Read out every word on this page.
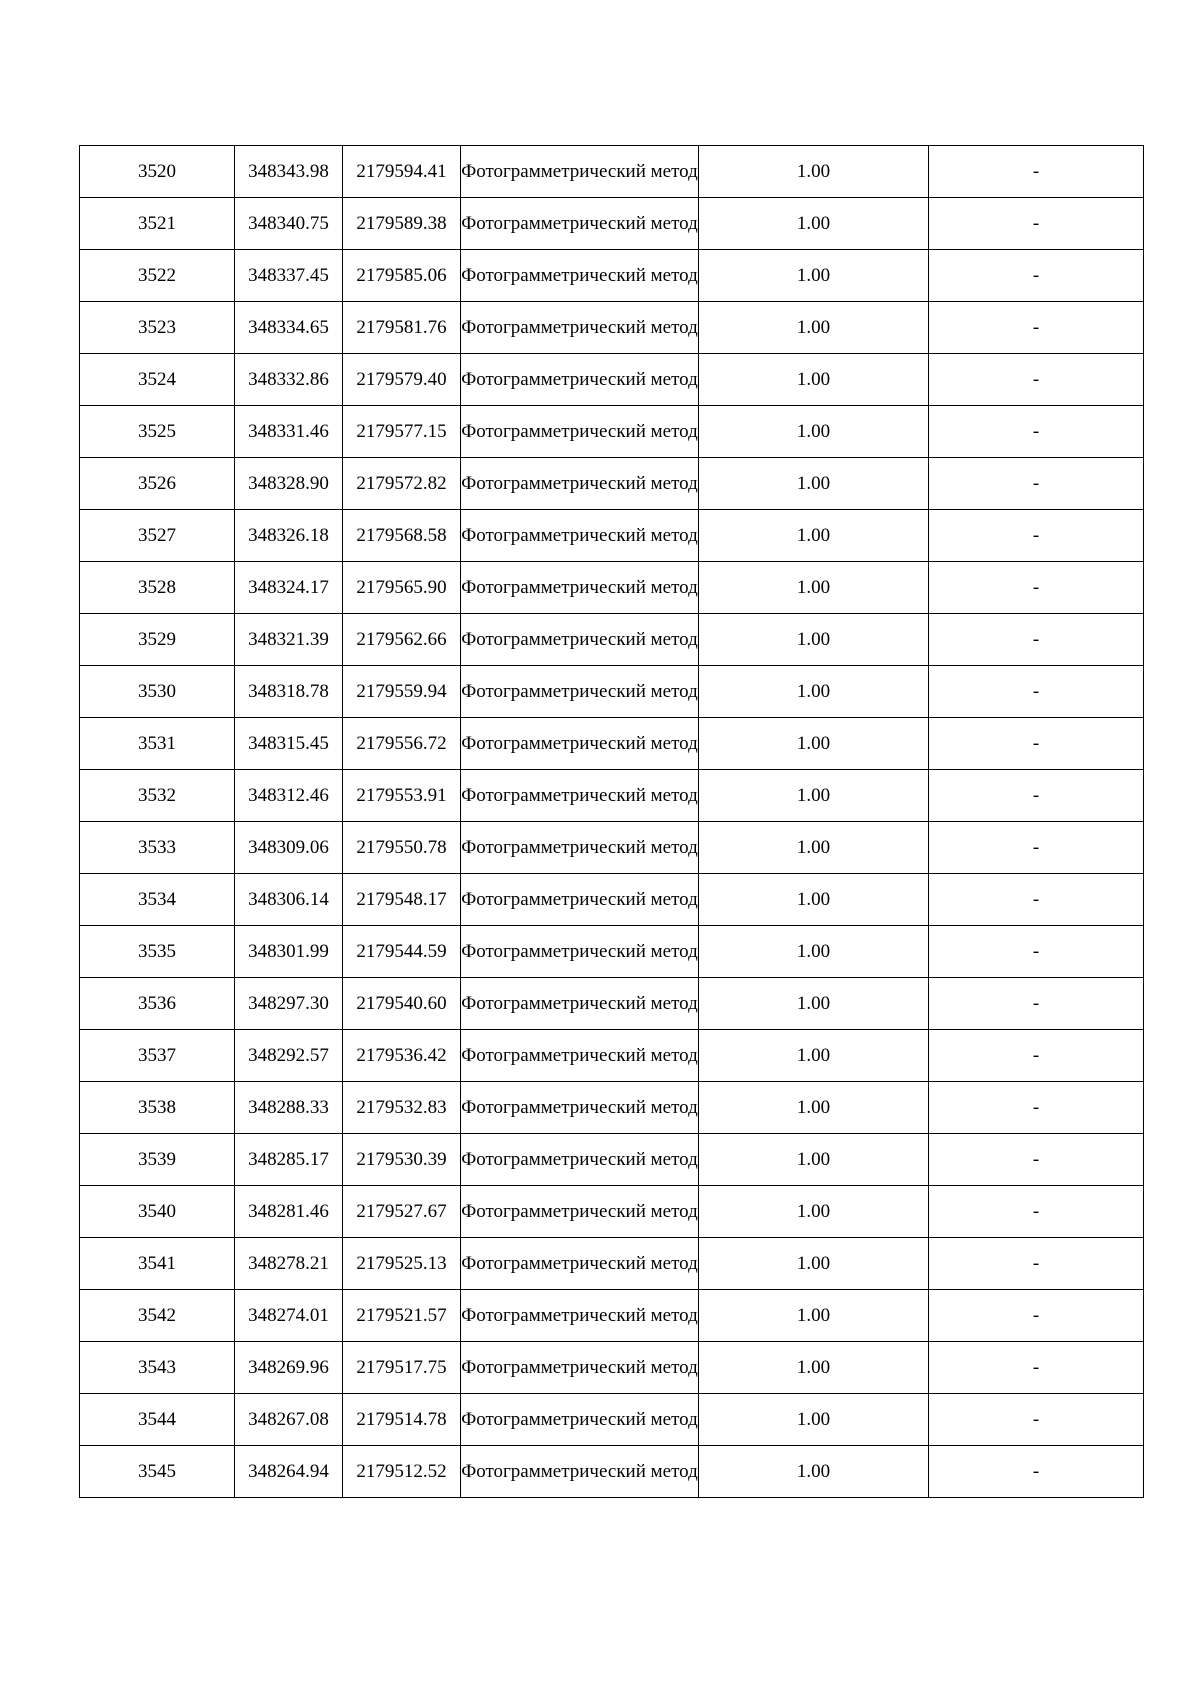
3520	348343.98	2179594.41	Фотограмметрический метод	1.00	-
3521	348340.75	2179589.38	Фотограмметрический метод	1.00	-
3522	348337.45	2179585.06	Фотограмметрический метод	1.00	-
3523	348334.65	2179581.76	Фотограмметрический метод	1.00	-
3524	348332.86	2179579.40	Фотограмметрический метод	1.00	-
3525	348331.46	2179577.15	Фотограмметрический метод	1.00	-
3526	348328.90	2179572.82	Фотограмметрический метод	1.00	-
3527	348326.18	2179568.58	Фотограмметрический метод	1.00	-
3528	348324.17	2179565.90	Фотограмметрический метод	1.00	-
3529	348321.39	2179562.66	Фотограмметрический метод	1.00	-
3530	348318.78	2179559.94	Фотограмметрический метод	1.00	-
3531	348315.45	2179556.72	Фотограмметрический метод	1.00	-
3532	348312.46	2179553.91	Фотограмметрический метод	1.00	-
3533	348309.06	2179550.78	Фотограмметрический метод	1.00	-
3534	348306.14	2179548.17	Фотограмметрический метод	1.00	-
3535	348301.99	2179544.59	Фотограмметрический метод	1.00	-
3536	348297.30	2179540.60	Фотограмметрический метод	1.00	-
3537	348292.57	2179536.42	Фотограмметрический метод	1.00	-
3538	348288.33	2179532.83	Фотограмметрический метод	1.00	-
3539	348285.17	2179530.39	Фотограмметрический метод	1.00	-
3540	348281.46	2179527.67	Фотограмметрический метод	1.00	-
3541	348278.21	2179525.13	Фотограмметрический метод	1.00	-
3542	348274.01	2179521.57	Фотограмметрический метод	1.00	-
3543	348269.96	2179517.75	Фотограмметрический метод	1.00	-
3544	348267.08	2179514.78	Фотограмметрический метод	1.00	-
3545	348264.94	2179512.52	Фотограмметрический метод	1.00	-
